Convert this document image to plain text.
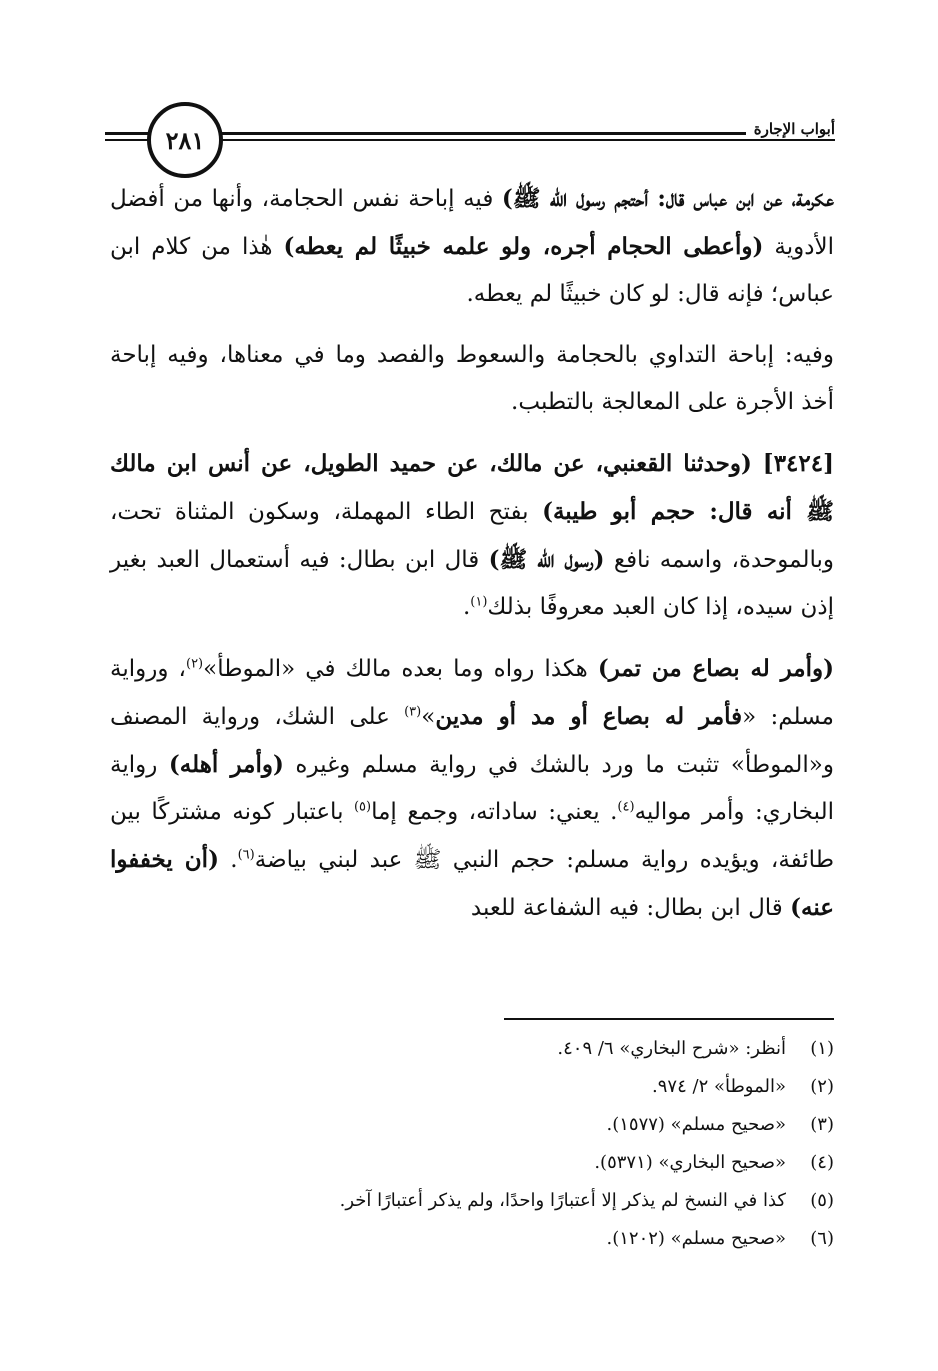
أبواب الإجارة
٢٨١

عكرمة، عن ابن عباس قال: أحتجم رسول الله ﷺ) فيه إباحة نفس الحجامة، وأنها من أفضل الأدوية (وأعطى الحجام أجره، ولو علمه خبيثًا لم يعطه) هٰذا من كلام ابن عباس؛ فإنه قال: لو كان خبيثًا لم يعطه.

وفيه: إباحة التداوي بالحجامة والسعوط والفصد وما في معناها، وفيه إباحة أخذ الأجرة على المعالجة بالتطبب.

[٣٤٢٤] (وحدثنا القعنبي، عن مالك، عن حميد الطويل، عن أنس ابن مالك ﷺ أنه قال: حجم أبو طيبة) بفتح الطاء المهملة، وسكون المثناة تحت، وبالموحدة، واسمه نافع (رسول الله ﷺ) قال ابن بطال: فيه أستعمال العبد بغير إذن سيده، إذا كان العبد معروفًا بذلك$^{(١)}$.

(وأمر له بصاع من تمر) هكذا رواه وما بعده مالك في «الموطأ»$^{(٢)}$، ورواية مسلم: «فأمر له بصاع أو مد أو مدين»$^{(٣)}$ على الشك، ورواية المصنف و«الموطأ» تثبت ما ورد بالشك في رواية مسلم وغيره (وأمر أهله) رواية البخاري: وأمر مواليه$^{(٤)}$. يعني: ساداته، وجمع إما$^{(٥)}$ باعتبار كونه مشتركًا بين طائفة، ويؤيده رواية مسلم: حجم النبي ﷺ عبد لبني بياضة$^{(٦)}$. (أن يخففوا عنه) قال ابن بطال: فيه الشفاعة للعبد

(١)
أنظر: «شرح البخاري» ٦/ ٤٠٩.
(٢)
«الموطأ» ٢/ ٩٧٤.
(٣)
«صحيح مسلم» (١٥٧٧).
(٤)
«صحيح البخاري» (٥٣٧١).
(٥)
كذا في النسخ لم يذكر إلا أعتبارًا واحدًا، ولم يذكر أعتبارًا آخر.
(٦)
«صحيح مسلم» (١٢٠٢).
